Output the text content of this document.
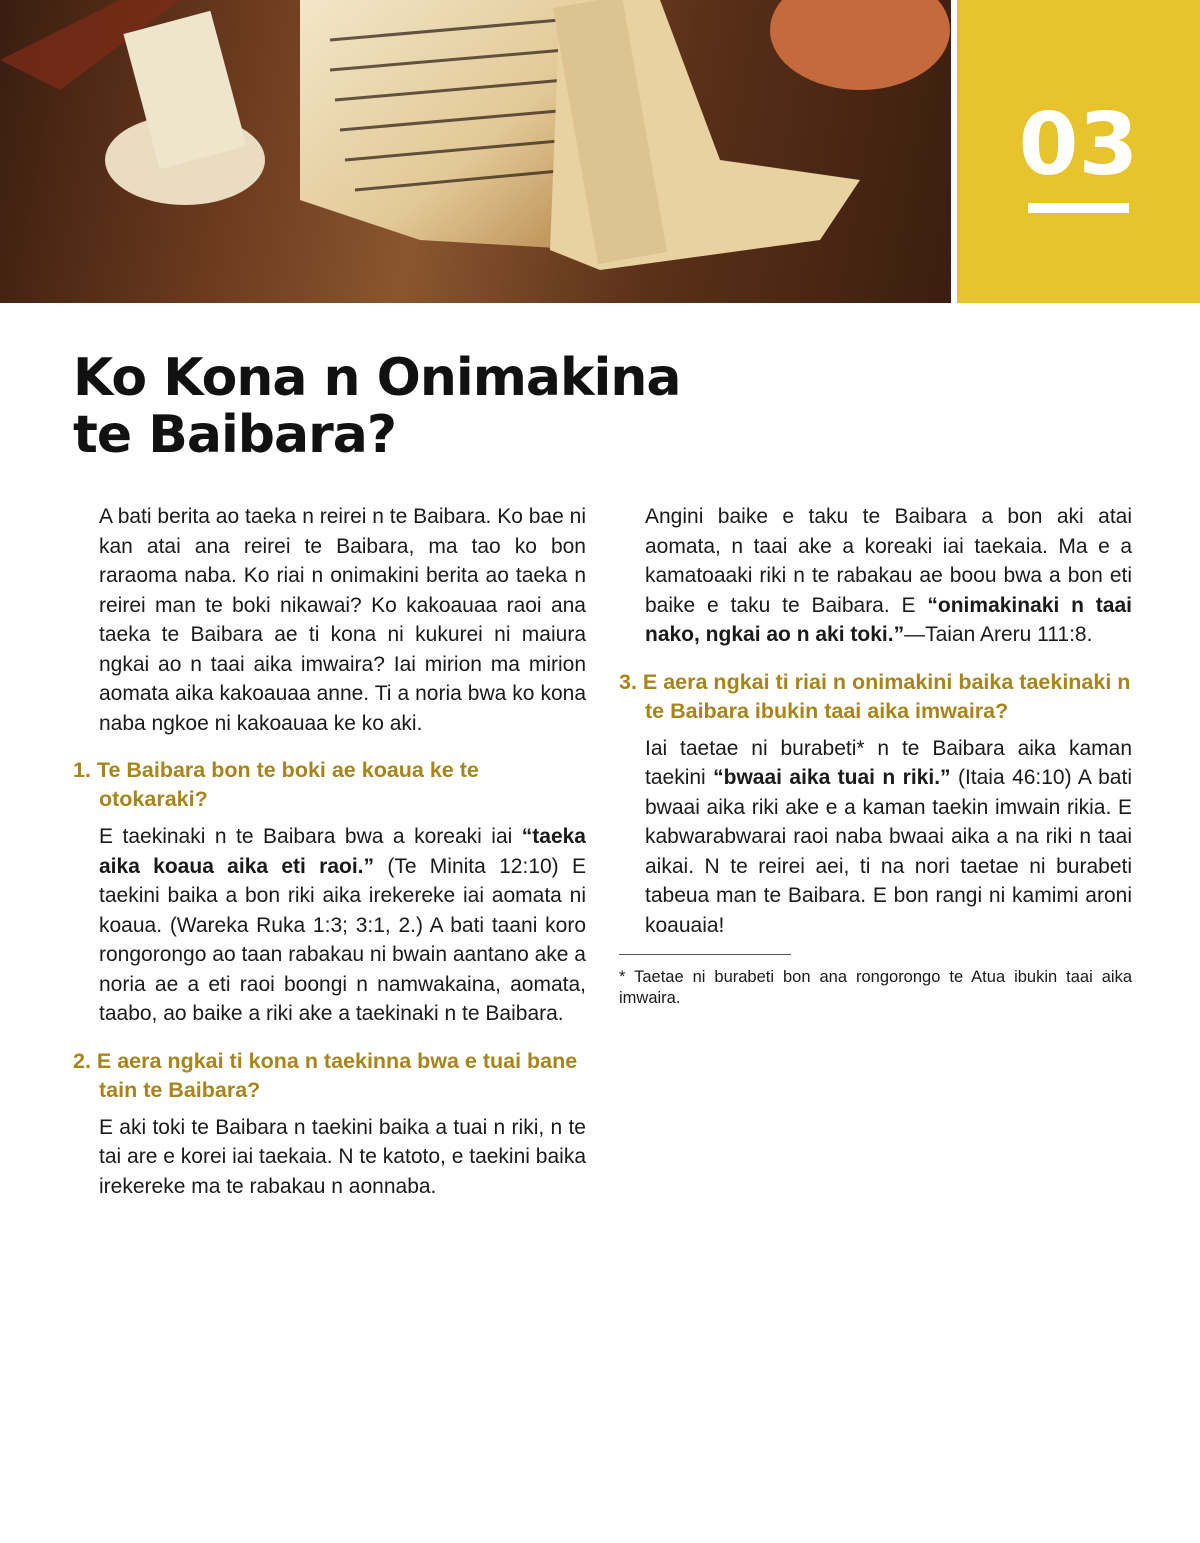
03
Ko Kona n Onimakina
te Baibara?

A bati berita ao taeka n reirei n te Baibara. Ko bae ni kan atai ana reirei te Baibara, ma tao ko bon raraoma naba. Ko riai n onimakini berita ao taeka n reirei man te boki nikawai? Ko kakoauaa raoi ana taeka te Baibara ae ti kona ni kukurei ni maiura ngkai ao n taai aika imwaira? Iai mirion ma mirion aomata aika kakoauaa anne. Ti a noria bwa ko kona naba ngkoe ni kakoauaa ke ko aki.

1. Te Baibara bon te boki ae koaua ke te otokaraki?

E taekinaki n te Baibara bwa a koreaki iai “taeka aika koaua aika eti raoi.” (Te Minita 12:10) E taekini baika a bon riki aika irekereke iai aomata ni koaua. (Wareka Ruka 1:3; 3:1, 2.) A bati taani koro rongorongo ao taan rabakau ni bwain aantano ake a noria ae a eti raoi boongi n namwakaina, aomata, taabo, ao baike a riki ake a taekinaki n te Baibara.

2. E aera ngkai ti kona n taekinna bwa e tuai bane tain te Baibara?

E aki toki te Baibara n taekini baika a tuai n riki, n te tai are e korei iai taekaia. N te katoto, e taekini baika irekereke ma te rabakau n aonnaba.

Angini baike e taku te Baibara a bon aki atai aomata, n taai ake a koreaki iai taekaia. Ma e a kamatoaaki riki n te rabakau ae boou bwa a bon eti baike e taku te Baibara. E “onimakinaki n taai nako, ngkai ao n aki toki.”—Taian Areru 111:8.

3. E aera ngkai ti riai n onimakini baika taekinaki n te Baibara ibukin taai aika imwaira?

Iai taetae ni burabeti* n te Baibara aika kaman taekini “bwaai aika tuai n riki.” (Itaia 46:10) A bati bwaai aika riki ake e a kaman taekin imwain rikia. E kabwarabwarai raoi naba bwaai aika a na riki n taai aikai. N te reirei aei, ti na nori taetae ni burabeti tabeua man te Baibara. E bon rangi ni kamimi aroni koauaia!

* Taetae ni burabeti bon ana rongorongo te Atua ibukin taai aika imwaira.
